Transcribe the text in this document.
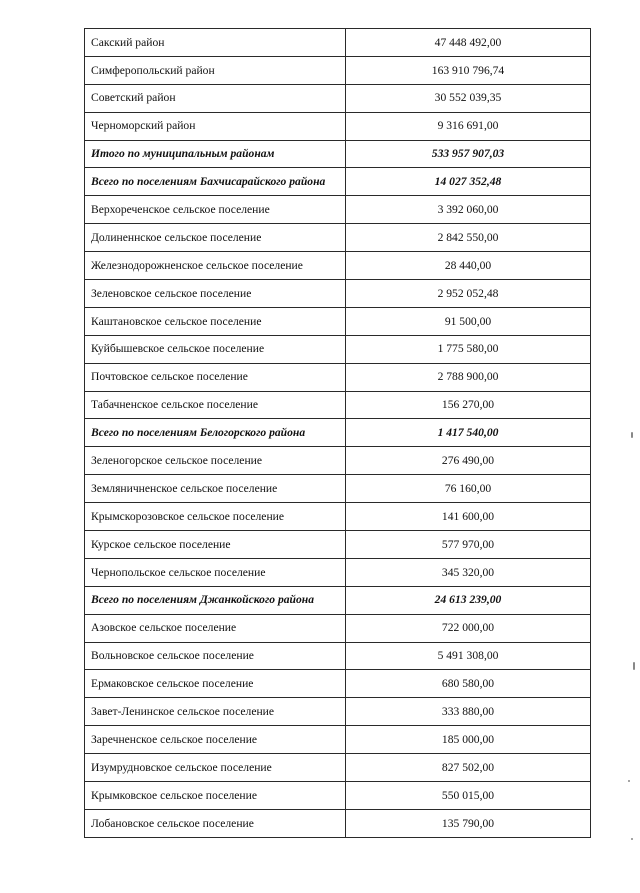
Сакский район	47 448 492,00
Симферопольский район	163 910 796,74
Советский район	30 552 039,35
Черноморский район	9 316 691,00
Итого по муниципальным районам	533 957 907,03
Всего по поселениям Бахчисарайского района	14 027 352,48
Верхореченское сельское поселение	3 392 060,00
Долиненнское сельское поселение	2 842 550,00
Железнодорожненское сельское поселение	28 440,00
Зеленовское сельское поселение	2 952 052,48
Каштановское сельское поселение	91 500,00
Куйбышевское сельское поселение	1 775 580,00
Почтовское сельское поселение	2 788 900,00
Табачненское сельское поселение	156 270,00
Всего по поселениям Белогорского района	1 417 540,00
Зеленогорское сельское поселение	276 490,00
Земляничненское сельское поселение	76 160,00
Крымскорозовское сельское поселение	141 600,00
Курское сельское поселение	577 970,00
Чернопольское сельское поселение	345 320,00
Всего по поселениям Джанкойского района	24 613 239,00
Азовское сельское поселение	722 000,00
Вольновское сельское поселение	5 491 308,00
Ермаковское сельское поселение	680 580,00
Завет-Ленинское сельское поселение	333 880,00
Заречненское сельское поселение	185 000,00
Изумрудновское сельское поселение	827 502,00
Крымковское сельское поселение	550 015,00
Лобановское сельское поселение	135 790,00
